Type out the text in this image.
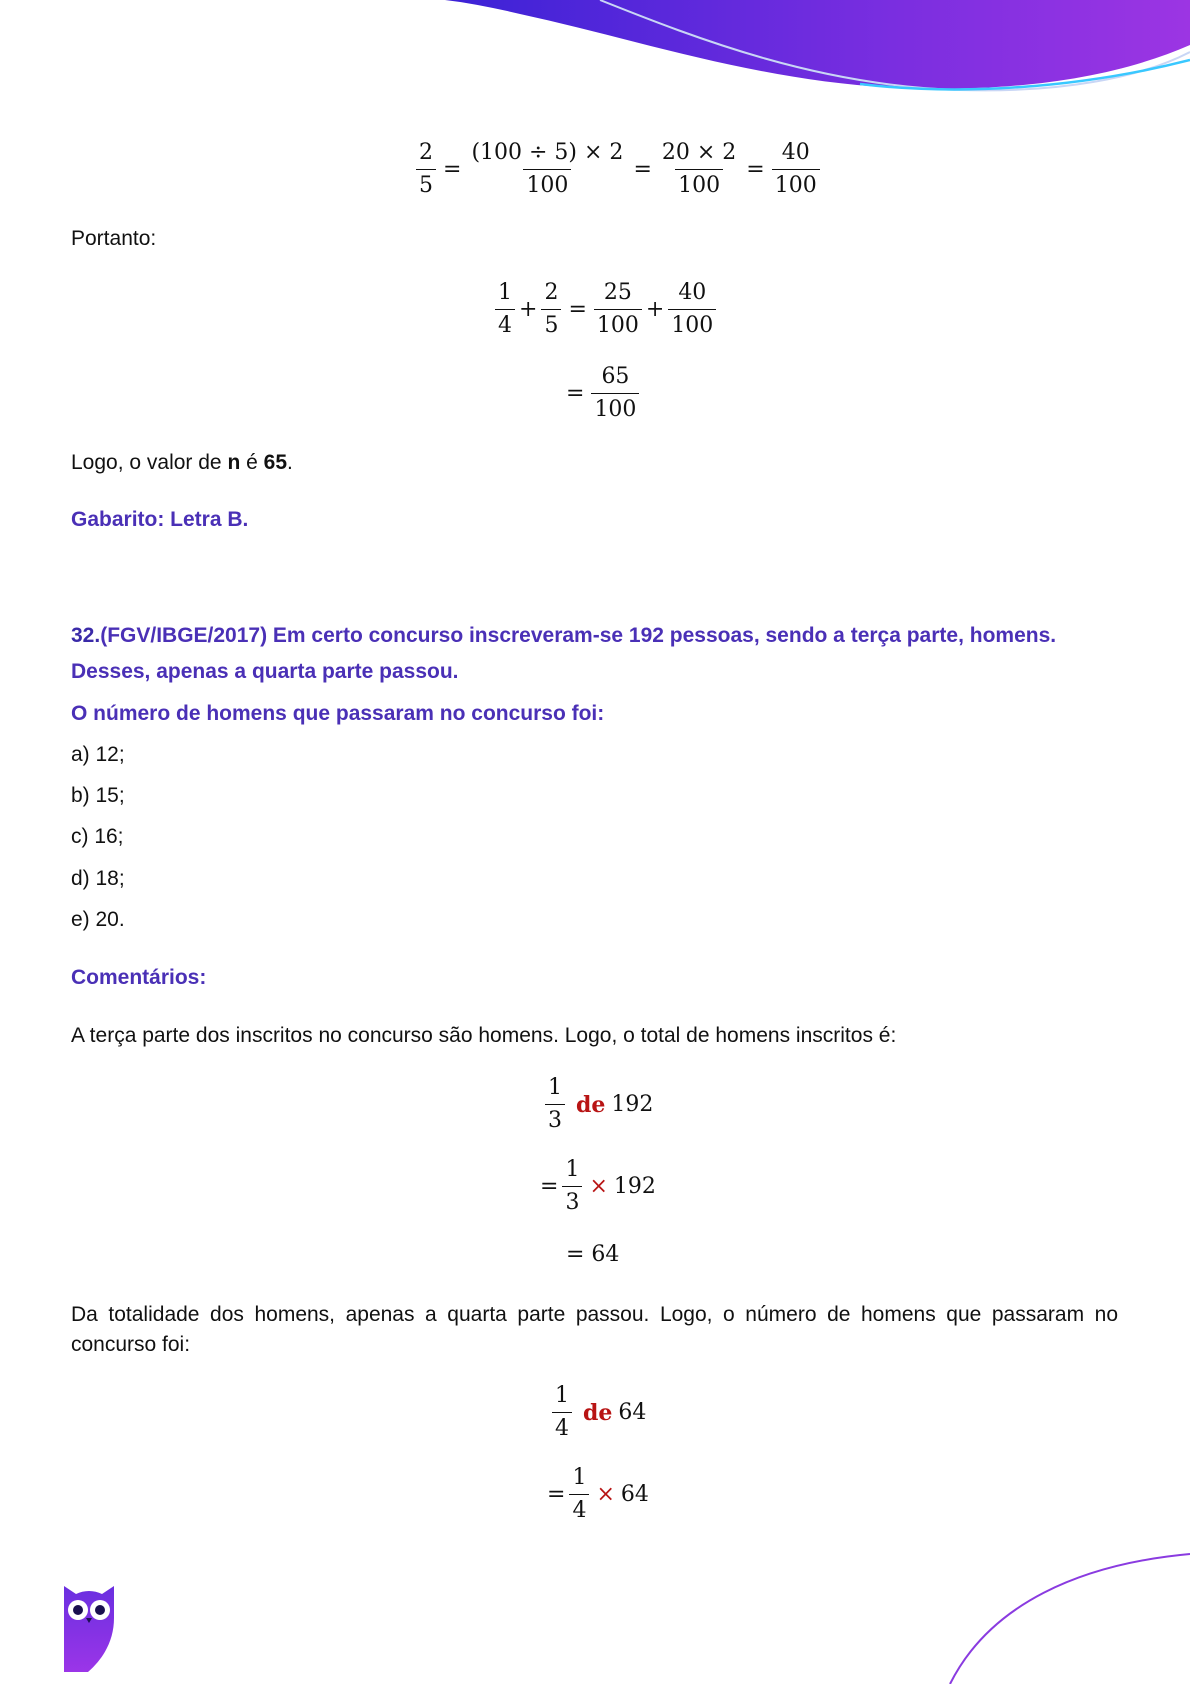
$\frac{2}{5} = \frac{(100 \div 5) \times 2}{100} = \frac{20 \times 2}{100} = \frac{40}{100}$
Portanto:
$\frac{1}{4} + \frac{2}{5} = \frac{25}{100} + \frac{40}{100}$
= $\frac{65}{100}$
Logo, o valor de n é 65.
Gabarito: Letra B.
32.(FGV/IBGE/2017) Em certo concurso inscreveram-se 192 pessoas, sendo a terça parte, homens. Desses, apenas a quarta parte passou.
O número de homens que passaram no concurso foi:
a) 12;
b) 15;
c) 16;
d) 18;
e) 20.
Comentários:
A terça parte dos inscritos no concurso são homens. Logo, o total de homens inscritos é:
$\frac{1}{3}$ de 192
= $\frac{1}{3} \times 192$
= 64
Da totalidade dos homens, apenas a quarta parte passou. Logo, o número de homens que passaram no concurso foi:
$\frac{1}{4}$ de 64
= $\frac{1}{4} \times 64$
